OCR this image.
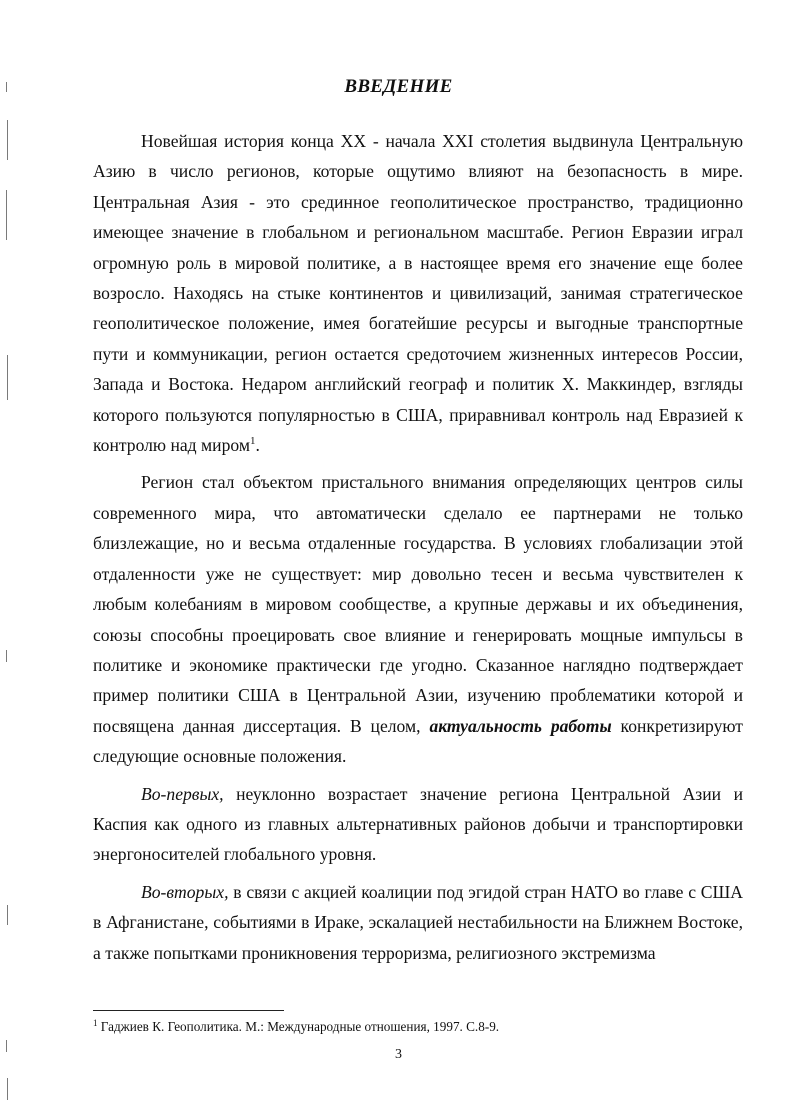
ВВЕДЕНИЕ

Новейшая история конца XX - начала XXI столетия выдвинула Центральную Азию в число регионов, которые ощутимо влияют на безопасность в мире. Центральная Азия - это срединное геополитическое пространство, традиционно имеющее значение в глобальном и региональном масштабе. Регион Евразии играл огромную роль в мировой политике, а в настоящее время его значение еще более возросло. Находясь на стыке континентов и цивилизаций, занимая стратегическое геополитическое положение, имея богатейшие ресурсы и выгодные транспортные пути и коммуникации, регион остается средоточием жизненных интересов России, Запада и Востока. Недаром английский географ и политик X. Маккиндер, взгляды которого пользуются популярностью в США, приравнивал контроль над Евразией к контролю над миром$^1$.

Регион стал объектом пристального внимания определяющих центров силы современного мира, что автоматически сделало ее партнерами не только близлежащие, но и весьма отдаленные государства. В условиях глобализации этой отдаленности уже не существует: мир довольно тесен и весьма чувствителен к любым колебаниям в мировом сообществе, а крупные державы и их объединения, союзы способны проецировать свое влияние и генерировать мощные импульсы в политике и экономике практически где угодно. Сказанное наглядно подтверждает пример политики США в Центральной Азии, изучению проблематики которой и посвящена данная диссертация. В целом, актуальность работы конкретизируют следующие основные положения.

Во-первых, неуклонно возрастает значение региона Центральной Азии и Каспия как одного из главных альтернативных районов добычи и транспортировки энергоносителей глобального уровня.

Во-вторых, в связи с акцией коалиции под эгидой стран НАТО во главе с США в Афганистане, событиями в Ираке, эскалацией нестабильности на Ближнем Востоке, а также попытками проникновения терроризма, религиозного экстремизма

$^1$ Гаджиев К. Геополитика. М.: Международные отношения, 1997. С.8-9.
3
